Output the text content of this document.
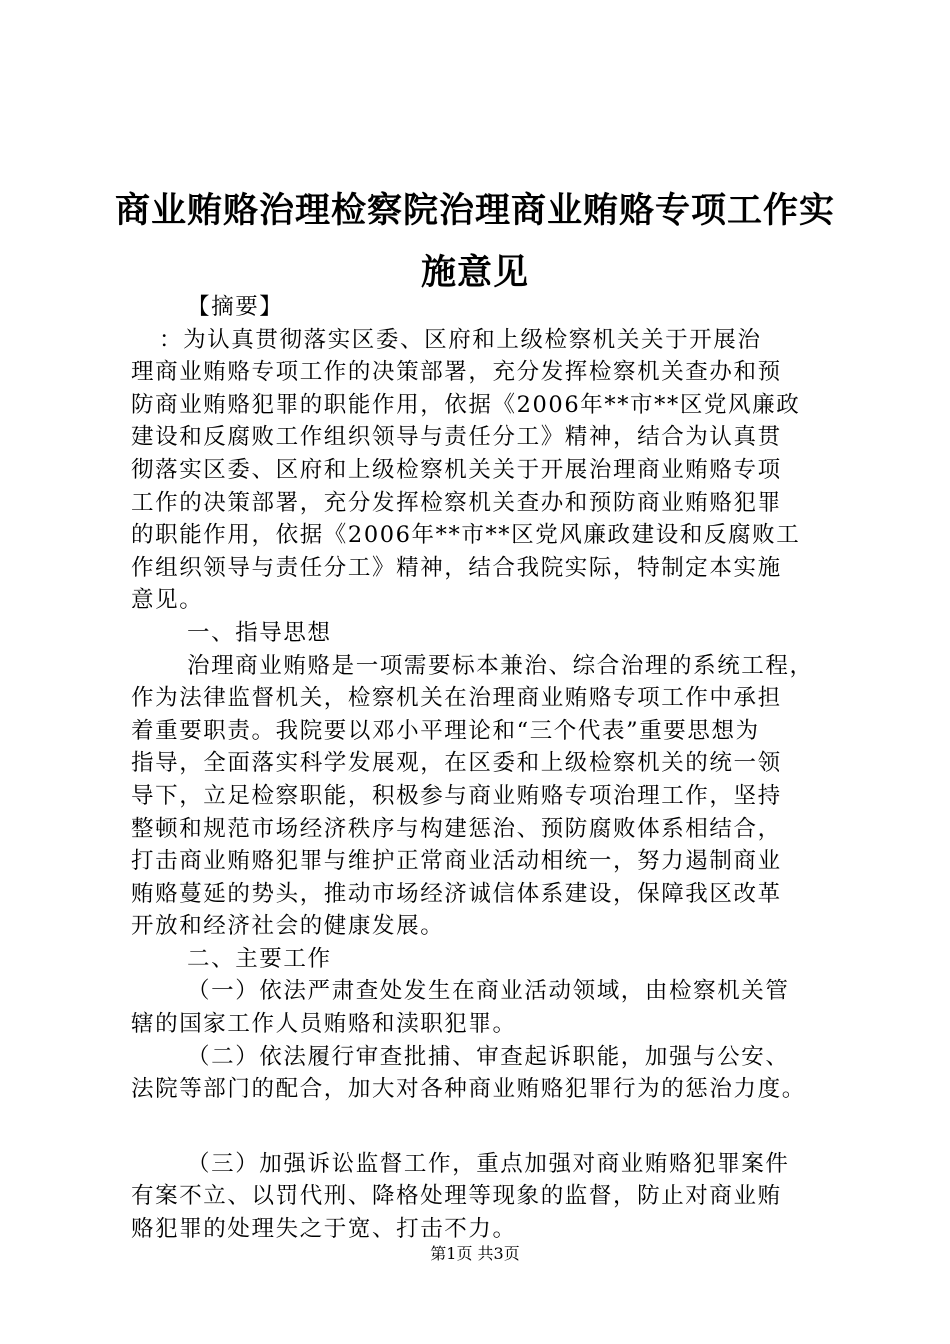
商业贿赂治理检察院治理商业贿赂专项工作实
施意见

【摘要】

：为认真贯彻落实区委、区府和上级检察机关关于开展治

理商业贿赂专项工作的决策部署，充分发挥检察机关查办和预

防商业贿赂犯罪的职能作用，依据《2006年**市**区党风廉政

建设和反腐败工作组织领导与责任分工》精神，结合为认真贯

彻落实区委、区府和上级检察机关关于开展治理商业贿赂专项

工作的决策部署，充分发挥检察机关查办和预防商业贿赂犯罪

的职能作用，依据《2006年**市**区党风廉政建设和反腐败工

作组织领导与责任分工》精神，结合我院实际，特制定本实施

意见。

一、指导思想

治理商业贿赂是一项需要标本兼治、综合治理的系统工程，

作为法律监督机关，检察机关在治理商业贿赂专项工作中承担

着重要职责。我院要以邓小平理论和“三个代表”重要思想为

指导，全面落实科学发展观，在区委和上级检察机关的统一领

导下，立足检察职能，积极参与商业贿赂专项治理工作，坚持

整顿和规范市场经济秩序与构建惩治、预防腐败体系相结合，

打击商业贿赂犯罪与维护正常商业活动相统一，努力遏制商业

贿赂蔓延的势头，推动市场经济诚信体系建设，保障我区改革

开放和经济社会的健康发展。

二、主要工作

（一）依法严肃查处发生在商业活动领域，由检察机关管

辖的国家工作人员贿赂和渎职犯罪。

（二）依法履行审查批捕、审查起诉职能，加强与公安、

法院等部门的配合，加大对各种商业贿赂犯罪行为的惩治力度。

（三）加强诉讼监督工作，重点加强对商业贿赂犯罪案件

有案不立、以罚代刑、降格处理等现象的监督，防止对商业贿

赂犯罪的处理失之于宽、打击不力。

第1页 共3页
